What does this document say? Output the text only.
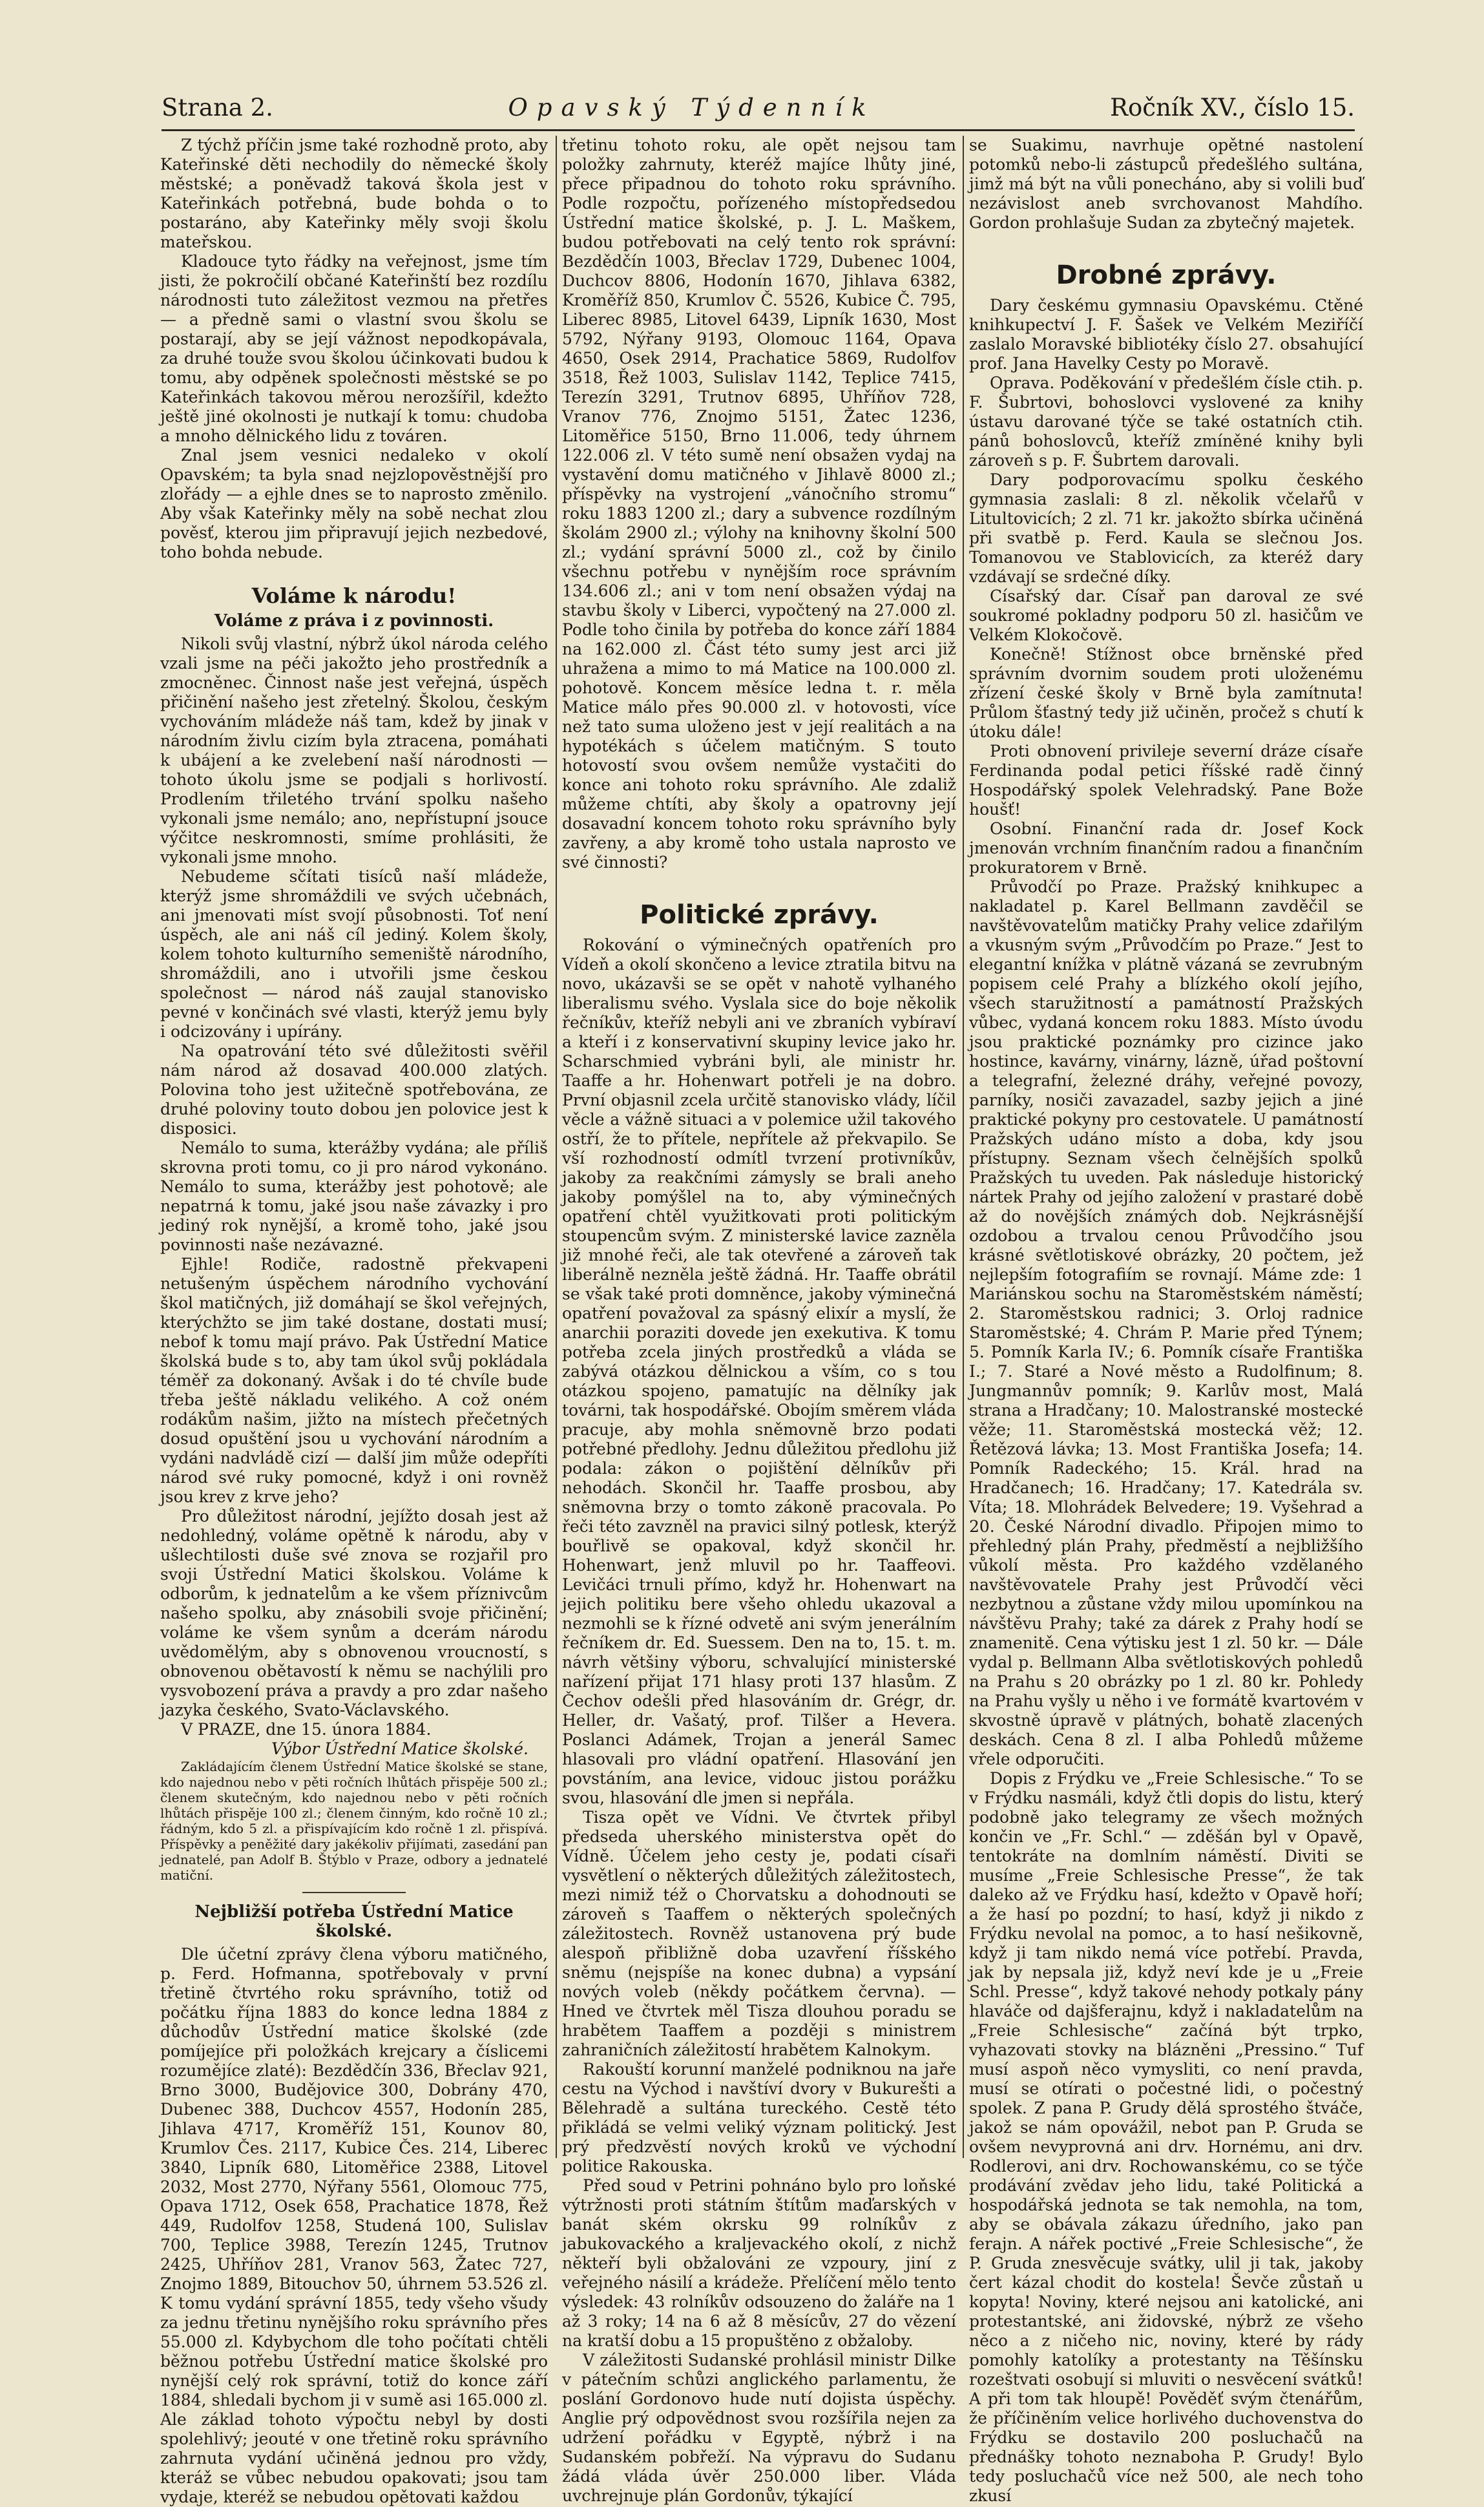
Strana 2.	Opavský Týdenník	Ročník XV., číslo 15.

Z týchž příčin jsme také rozhodně proto, aby Kateřinské děti nechodily do německé školy městské; a poněvadž taková škola jest v Kateřinkách potřebná, bude bohda o to postaráno, aby Kateřinky měly svoji školu mateřskou.

Kladouce tyto řádky na veřejnost, jsme tím jisti, že pokročilí občané Kateřinští bez rozdílu národnosti tuto záležitost vezmou na přetřes — a předně sami o vlastní svou školu se postarají, aby se její vážnost nepodkopávala, za druhé touže svou školou účinkovati budou k tomu, aby odpěnek společnosti městské se po Kateřinkách takovou měrou nerozšířil, kdežto ještě jiné okolnosti je nutkají k tomu: chudoba a mnoho dělnického lidu z továren.

Znal jsem vesnici nedaleko v okolí Opavském; ta byla snad nejzlopověstnější pro zlořády — a ejhle dnes se to naprosto změnilo. Aby však Kateřinky měly na sobě nechat zlou pověsť, kterou jim připravují jejich nezbedové, toho bohda nebude.

Voláme k národu!
Voláme z práva i z povinnosti.

Nikoli svůj vlastní, nýbrž úkol národa celého vzali jsme na péči jakožto jeho prostředník a zmocněnec. Činnost naše jest veřejná, úspěch přičinění našeho jest zřetelný. Školou, českým vychováním mládeže náš tam, kdež by jinak v národním živlu cizím byla ztracena, pomáhati k ubájení a ke zvelebení naší národnosti — tohoto úkolu jsme se podjali s horlivostí. Prodlením třiletého trvání spolku našeho vykonali jsme nemálo; ano, nepřístupní jsouce výčitce neskromnosti, smíme prohlásiti, že vykonali jsme mnoho.

Nebudeme sčítati tisíců naší mládeže, kterýž jsme shromáždili ve svých učebnách, ani jmenovati míst svojí působnosti. Toť není úspěch, ale ani náš cíl jediný. Kolem školy, kolem tohoto kulturního semeniště národního, shromáždili, ano i utvořili jsme českou společnost — národ náš zaujal stanovisko pevné v končinách své vlasti, kterýž jemu byly i odcizovány i upírány.

Na opatrování této své důležitosti svěřil nám národ až dosavad 400.000 zlatých. Polovina toho jest užitečně spotřebována, ze druhé poloviny touto dobou jen polovice jest k disposici.

Nemálo to suma, kterážby vydána; ale příliš skrovna proti tomu, co ji pro národ vykonáno. Nemálo to suma, kterážby jest pohotově; ale nepatrná k tomu, jaké jsou naše závazky i pro jediný rok nynější, a kromě toho, jaké jsou povinnosti naše nezávazné.

Ejhle! Rodiče, radostně překvapeni netušeným úspěchem národního vychování škol matičných, již domáhají se škol veřejných, kterýchžto se jim také dostane, dostati musí; nebof k tomu mají právo. Pak Ústřední Matice školská bude s to, aby tam úkol svůj pokládala téměř za dokonaný. Avšak i do té chvíle bude třeba ještě nákladu velikého. A což oném rodákům našim, jižto na místech přečetných dosud opuštění jsou u vychování národním a vydáni nadvládě cizí — další jim může odepříti národ své ruky pomocné, když i oni rovněž jsou krev z krve jeho?

Pro důležitost národní, jejížto dosah jest až nedohledný, voláme opětně k národu, aby v ušlechtilosti duše své znova se rozjařil pro svoji Ústřední Matici školskou. Voláme k odborům, k jednatelům a ke všem příznivcům našeho spolku, aby znásobili svoje přičinění; voláme ke všem synům a dcerám národu uvědomělým, aby s obnovenou vroucností, s obnovenou obětavostí k němu se nachýlili pro vysvobození práva a pravdy a pro zdar našeho jazyka českého, Svato-Václavského.

V PRAZE, dne 15. února 1884.

Výbor Ústřední Matice školské.

Zakládajícím členem Ústřední Matice školské se stane, kdo najednou nebo v pěti ročních lhůtách přispěje 500 zl.; členem skutečným, kdo najednou nebo v pěti ročních lhůtách přispěje 100 zl.; členem činným, kdo ročně 10 zl.; řádným, kdo 5 zl. a přispívajícím kdo ročně 1 zl. přispívá. Příspěvky a peněžité dary jakékoliv přijímati, zasedání pan jednatelé, pan Adolf B. Štýblo v Praze, odbory a jednatelé matiční.

Nejbližší potřeba Ústřední Matice školské.

Dle účetní zprávy člena výboru matičného, p. Ferd. Hofmanna, spotřebovaly v první třetině čtvrtého roku správního, totiž od počátku října 1883 do konce ledna 1884 z důchodův Ústřední matice školské (zde pomíjejíce při položkách krejcary a číslicemi rozumějíce zlaté): Bezdědčín 336, Břeclav 921, Brno 3000, Budějovice 300, Dobrány 470, Dubenec 388, Duchcov 4557, Hodonín 285, Jihlava 4717, Kroměříž 151, Kounov 80, Krumlov Čes. 2117, Kubice Čes. 214, Liberec 3840, Lipník 680, Litoměřice 2388, Litovel 2032, Most 2770, Nýřany 5561, Olomouc 775, Opava 1712, Osek 658, Prachatice 1878, Řež 449, Rudolfov 1258, Studená 100, Sulislav 700, Teplice 3988, Terezín 1245, Trutnov 2425, Uhříňov 281, Vranov 563, Žatec 727, Znojmo 1889, Bitouchov 50, úhrnem 53.526 zl. K tomu vydání správní 1855, tedy všeho všudy za jednu třetinu nynějšího roku správního přes 55.000 zl. Kdybychom dle toho počítati chtěli běžnou potřebu Ústřední matice školské pro nynější celý rok správní, totiž do konce září 1884, shledali bychom ji v sumě asi 165.000 zl. Ale základ tohoto výpočtu nebyl by dosti spolehlivý; jeouté v one třetině roku správního zahrnuta vydání učiněná jednou pro vždy, kteráž se vůbec nebudou opakovati; jsou tam vydaje, kteréž se nebudou opětovati každou

třetinu tohoto roku, ale opět nejsou tam položky zahrnuty, kteréž majíce lhůty jiné, přece připadnou do tohoto roku správního. Podle rozpočtu, pořízeného místopředsedou Ústřední matice školské, p. J. L. Maškem, budou potřebovati na celý tento rok správní: Bezdědčín 1003, Břeclav 1729, Dubenec 1004, Duchcov 8806, Hodonín 1670, Jihlava 6382, Kroměříž 850, Krumlov Č. 5526, Kubice Č. 795, Liberec 8985, Litovel 6439, Lipník 1630, Most 5792, Nýřany 9193, Olomouc 1164, Opava 4650, Osek 2914, Prachatice 5869, Rudolfov 3518, Řež 1003, Sulislav 1142, Teplice 7415, Terezín 3291, Trutnov 6895, Uhříňov 728, Vranov 776, Znojmo 5151, Žatec 1236, Litoměřice 5150, Brno 11.006, tedy úhrnem 122.006 zl. V této sumě není obsažen vydaj na vystavění domu matičného v Jihlavě 8000 zl.; příspěvky na vystrojení „vánočního stromu“ roku 1883 1200 zl.; dary a subvence rozdílným školám 2900 zl.; výlohy na knihovny školní 500 zl.; vydání správní 5000 zl., což by činilo všechnu potřebu v nynějším roce správním 134.606 zl.; ani v tom není obsažen výdaj na stavbu školy v Liberci, vypočtený na 27.000 zl. Podle toho činila by potřeba do konce září 1884 na 162.000 zl. Část této sumy jest arci již uhražena a mimo to má Matice na 100.000 zl. pohotově. Koncem měsíce ledna t. r. měla Matice málo přes 90.000 zl. v hotovosti, více než tato suma uloženo jest v její realitách a na hypotékách s účelem matičným. S touto hotovostí svou ovšem nemůže vystačiti do konce ani tohoto roku správního. Ale zdaliž můžeme chtíti, aby školy a opatrovny její dosavadní koncem tohoto roku správního byly zavřeny, a aby kromě toho ustala naprosto ve své činnosti?

Politické zprávy.

Rokování o výminečných opatřeních pro Vídeň a okolí skončeno a levice ztratila bitvu na novo, ukázavši se se opět v nahotě vylhaného liberalismu svého. Vyslala sice do boje několik řečníkův, kteříž nebyli ani ve zbraních vybíraví a kteří i z konservativní skupiny levice jako hr. Scharschmied vybráni byli, ale ministr hr. Taaffe a hr. Hohenwart potřeli je na dobro. První objasnil zcela určitě stanovisko vlády, líčil věcle a vážně situaci a v polemice užil takového ostří, že to přítele, nepřítele až překvapilo. Se vší rozhodností odmítl tvrzení protivníkův, jakoby za reakčními zámysly se brali aneho jakoby pomýšlel na to, aby výminečných opatření chtěl využitkovati proti politickým stoupencům svým. Z ministerské lavice zazněla již mnohé řeči, ale tak otevřené a zároveň tak liberálně nezněla ještě žádná. Hr. Taaffe obrátil se však také proti domněnce, jakoby výminečná opatření považoval za spásný elixír a myslí, že anarchii poraziti dovede jen exekutiva. K tomu potřeba zcela jiných prostředků a vláda se zabývá otázkou dělnickou a vším, co s tou otázkou spojeno, pamatujíc na dělníky jak továrni, tak hospodářské. Obojím směrem vláda pracuje, aby mohla sněmovně brzo podati potřebné předlohy. Jednu důležitou předlohu již podala: zákon o pojištění dělníkův při nehodách. Skončil hr. Taaffe prosbou, aby sněmovna brzy o tomto zákoně pracovala. Po řeči této zavzněl na pravici silný potlesk, kterýž bouřlivě se opakoval, když skončil hr. Hohenwart, jenž mluvil po hr. Taaffeovi. Levičáci trnuli přímo, když hr. Hohenwart na jejich politiku bere všeho ohledu ukazoval a nezmohli se k řízné odvetě ani svým jenerálním řečníkem dr. Ed. Suessem. Den na to, 15. t. m. návrh většiny výboru, schvalující ministerské nařízení přijat 171 hlasy proti 137 hlasům. Z Čechov odešli před hlasováním dr. Grégr, dr. Heller, dr. Vašatý, prof. Tilšer a Hevera. Poslanci Adámek, Trojan a jenerál Samec hlasovali pro vládní opatření. Hlasování jen povstáním, ana levice, vidouc jistou porážku svou, hlasování dle jmen si nepřála.

Tisza opět ve Vídni. Ve čtvrtek přibyl předseda uherského ministerstva opět do Vídně. Účelem jeho cesty je, podati císaři vysvětlení o některých důležitých záležitostech, mezi nimiž též o Chorvatsku a dohodnouti se zároveň s Taaffem o některých společných záležitostech. Rovněž ustanovena prý bude alespoň přibližně doba uzavření říšského sněmu (nejspíše na konec dubna) a vypsání nových voleb (někdy počátkem června). — Hned ve čtvrtek měl Tisza dlouhou poradu se hrabětem Taaffem a později s ministrem zahraničních záležitostí hrabětem Kalnokym.

Rakouští korunní manželé podniknou na jaře cestu na Východ i navštíví dvory v Bukurešti a Bělehradě a sultána tureckého. Cestě této přikládá se velmi veliký význam politický. Jest prý předzvěstí nových kroků ve východní politice Rakouska.

Před soud v Petrini pohnáno bylo pro loňské výtržnosti proti státním štítům maďarských v banát ském okrsku 99 rolníkův z jabukovackého a kraljevackého okolí, z nichž někteří byli obžalováni ze vzpoury, jiní z veřejného násilí a krádeže. Přelíčení mělo tento výsledek: 43 rolníkův odsouzeno do žaláře na 1 až 3 roky; 14 na 6 až 8 měsícův, 27 do vězení na kratší dobu a 15 propuštěno z obžaloby.

V záležitosti Sudanské prohlásil ministr Dilke v pátečním schůzi anglického parlamentu, že poslání Gordonovo hude nutí dojista úspěchy. Anglie prý odpovědnost svou rozšířila nejen za udržení pořádku v Egyptě, nýbrž i na Sudanském pobřeží. Na výpravu do Sudanu žádá vláda úvěr 250.000 liber. Vláda uvchrejnuje plán Gordonův, týkající

se Suakimu, navrhuje opětné nastolení potomků nebo-li zástupců předešlého sultána, jimž má být na vůli ponecháno, aby si volili buď nezávislost aneb svrchovanost Mahdího. Gordon prohlašuje Sudan za zbytečný majetek.

Drobné zprávy.

Dary českému gymnasiu Opavskému. Ctěné knihkupectví J. F. Šašek ve Velkém Meziříčí zaslalo Moravské bibliotéky číslo 27. obsahující prof. Jana Havelky Cesty po Moravě.

Oprava. Poděkování v předešlém čísle ctih. p. F. Šubrtovi, bohoslovci vyslovené za knihy ústavu darované týče se také ostatních ctih. pánů bohoslovců, kteříž zmíněné knihy byli zároveň s p. F. Šubrtem darovali.

Dary podporovacímu spolku českého gymnasia zaslali: 8 zl. několik včelařů v Litultovicích; 2 zl. 71 kr. jakožto sbírka učiněná při svatbě p. Ferd. Kaula se slečnou Jos. Tomanovou ve Stablovicích, za kteréž dary vzdávají se srdečné díky.

Císařský dar. Císař pan daroval ze své soukromé pokladny podporu 50 zl. hasičům ve Velkém Klokočově.

Konečně! Stížnost obce brněnské před správním dvornim soudem proti uloženému zřízení české školy v Brně byla zamítnuta! Průlom šťastný tedy již učiněn, pročež s chutí k útoku dále!

Proti obnovení privileje severní dráze císaře Ferdinanda podal petici říšské radě činný Hospodářský spolek Velehradský. Pane Bože houšť!

Osobní. Finanční rada dr. Josef Kock jmenován vrchním finančním radou a finančním prokuratorem v Brně.

Průvodčí po Praze. Pražský knihkupec a nakladatel p. Karel Bellmann zavděčil se navštěvovatelům matičky Prahy velice zdařilým a vkusným svým „Průvodčím po Praze.“ Jest to elegantní knížka v plátně vázaná se zevrubným popisem celé Prahy a blízkého okolí jejího, všech staružitností a památností Pražských vůbec, vydaná koncem roku 1883. Místo úvodu jsou praktické poznámky pro cizince jako hostince, kavárny, vinárny, lázně, úřad poštovní a telegrafní, železné dráhy, veřejné povozy, parníky, nosiči zavazadel, sazby jejich a jiné praktické pokyny pro cestovatele. U památností Pražských udáno místo a doba, kdy jsou přístupny. Seznam všech čelnějších spolků Pražských tu uveden. Pak následuje historický nártek Prahy od jejího založení v prastaré době až do novějších známých dob. Nejkrásnější ozdobou a trvalou cenou Průvodčího jsou krásné světlotiskové obrázky, 20 počtem, jež nejlepším fotografiím se rovnají. Máme zde: 1 Mariánskou sochu na Staroměstském náměstí; 2. Staroměstskou radnici; 3. Orloj radnice Staroměstské; 4. Chrám P. Marie před Týnem; 5. Pomník Karla IV.; 6. Pomník císaře Františka I.; 7. Staré a Nové město a Rudolfinum; 8. Jungmannův pomník; 9. Karlův most, Malá strana a Hradčany; 10. Malostranské mostecké věže; 11. Staroměstská mostecká věž; 12. Řetězová lávka; 13. Most Františka Josefa; 14. Pomník Radeckého; 15. Král. hrad na Hradčanech; 16. Hradčany; 17. Katedrála sv. Víta; 18. Mlohrádek Belvedere; 19. Vyšehrad a 20. České Národní divadlo. Připojen mimo to přehledný plán Prahy, předměstí a nejbližšího vůkolí města. Pro každého vzdělaného navštěvovatele Prahy jest Průvodčí věci nezbytnou a zůstane vždy milou upomínkou na návštěvu Prahy; také za dárek z Prahy hodí se znamenitě. Cena výtisku jest 1 zl. 50 kr. — Dále vydal p. Bellmann Alba světlotiskových pohledů na Prahu s 20 obrázky po 1 zl. 80 kr. Pohledy na Prahu vyšly u něho i ve formátě kvartovém v skvostně úpravě v plátných, bohatě zlacených deskách. Cena 8 zl. I alba Pohledů můžeme vřele odporučiti.

Dopis z Frýdku ve „Freie Schlesische.“ To se v Frýdku nasmáli, když čtli dopis do listu, který podobně jako telegramy ze všech možných končin ve „Fr. Schl.“ — zděšán byl v Opavě, tentokráte na domlním náměstí. Diviti se musíme „Freie Schlesische Presse“, že tak daleko až ve Frýdku hasí, kdežto v Opavě hoří; a že hasí po pozdní; to hasí, když ji nikdo z Frýdku nevolal na pomoc, a to hasí nešikovně, když ji tam nikdo nemá více potřebí. Pravda, jak by nepsala již, když neví kde je u „Freie Schl. Presse“, když takové nehody potkaly pány hlaváče od dajšferajnu, když i nakladatelům na „Freie Schlesische“ začíná být trpko, vyhazovati stovky na blázněni „Pressino.“ Tuf musí aspoň něco vymysliti, co není pravda, musí se otírati o počestné lidi, o počestný spolek. Z pana P. Grudy dělá sprostého štváče, jakož se nám opovážil, nebot pan P. Gruda se ovšem nevyprovná ani drv. Hornému, ani drv. Rodlerovi, ani drv. Rochowanskému, co se týče prodávání zvědav jeho lidu, také Politická a hospodářská jednota se tak nemohla, na tom, aby se obávala zákazu úředního, jako pan ferajn. A nářek poctivé „Freie Schlesische“, že P. Gruda znesvěcuje svátky, ulil ji tak, jakoby čert kázal chodit do kostela! Ševče zůstaň u kopyta! Noviny, které nejsou ani katolické, ani protestantské, ani židovské, nýbrž ze všeho něco a z ničeho nic, noviny, které by rády pomohly katolíky a protestanty na Těšínsku rozeštvati osobují si mluviti o nesvěcení svátků! A při tom tak hloupě! Pověděť svým čtenářům, že příčiněním velice horlivého duchovenstva do Frýdku se dostavilo 200 posluchačů na přednášky tohoto neznaboha P. Grudy! Bylo tedy posluchačů více než 500, ale nech toho zkusí
